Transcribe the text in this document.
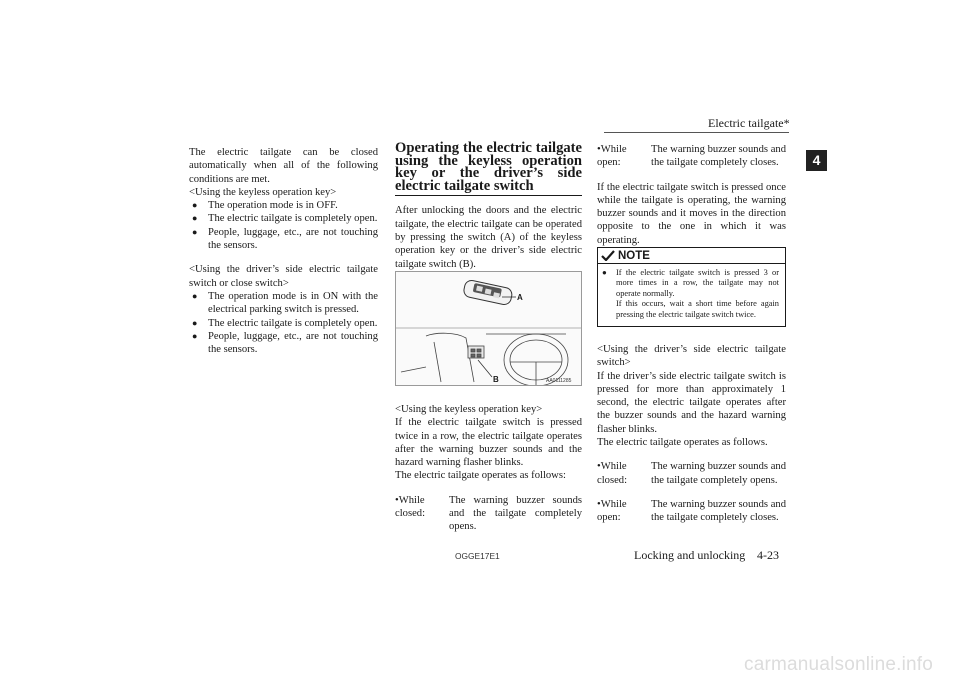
Electric tailgate*
4

The electric tailgate can be closed automatically when all of the following conditions are met.

<Using the keyless operation key>

● The operation mode is in OFF.
● The electric tailgate is completely open.
● People, luggage, etc., are not touching the sensors.

<Using the driver’s side electric tailgate switch or close switch>

● The operation mode is in ON with the electrical parking switch is pressed.
● The electric tailgate is completely open.
● People, luggage, etc., are not touching the sensors.
Operating the electric tailgate using the keyless operation key or the driver’s side electric tailgate switch

After unlocking the doors and the electric tailgate, the electric tailgate can be operated by pressing the switch (A) of the keyless operation key or the driver’s side electric tailgate switch (B).

A
B	AA0111285

<Using the keyless operation key>

If the electric tailgate switch is pressed twice in a row, the electric tailgate operates after the warning buzzer sounds and the hazard warning flasher blinks.

The electric tailgate operates as follows:

•While closed:
The warning buzzer sounds and the tailgate completely opens.
•While open:
The warning buzzer sounds and the tailgate completely closes.

If the electric tailgate switch is pressed once while the tailgate is operating, the warning buzzer sounds and it moves in the direction opposite to the one in which it was operating.

NOTE
●	If the electric tailgate switch is pressed 3 or more times in a row, the tailgate may not operate normally.
If this occurs, wait a short time before again pressing the electric tailgate switch twice.

<Using the driver’s side electric tailgate switch>

If the driver’s side electric tailgate switch is pressed for more than approximately 1 second, the electric tailgate operates after the buzzer sounds and the hazard warning flasher blinks.

The electric tailgate operates as follows.

•While closed:
The warning buzzer sounds and the tailgate completely opens.
•While open:
The warning buzzer sounds and the tailgate completely closes.
OGGE17E1	Locking and unlocking 4-23
carmanualsonline.info
